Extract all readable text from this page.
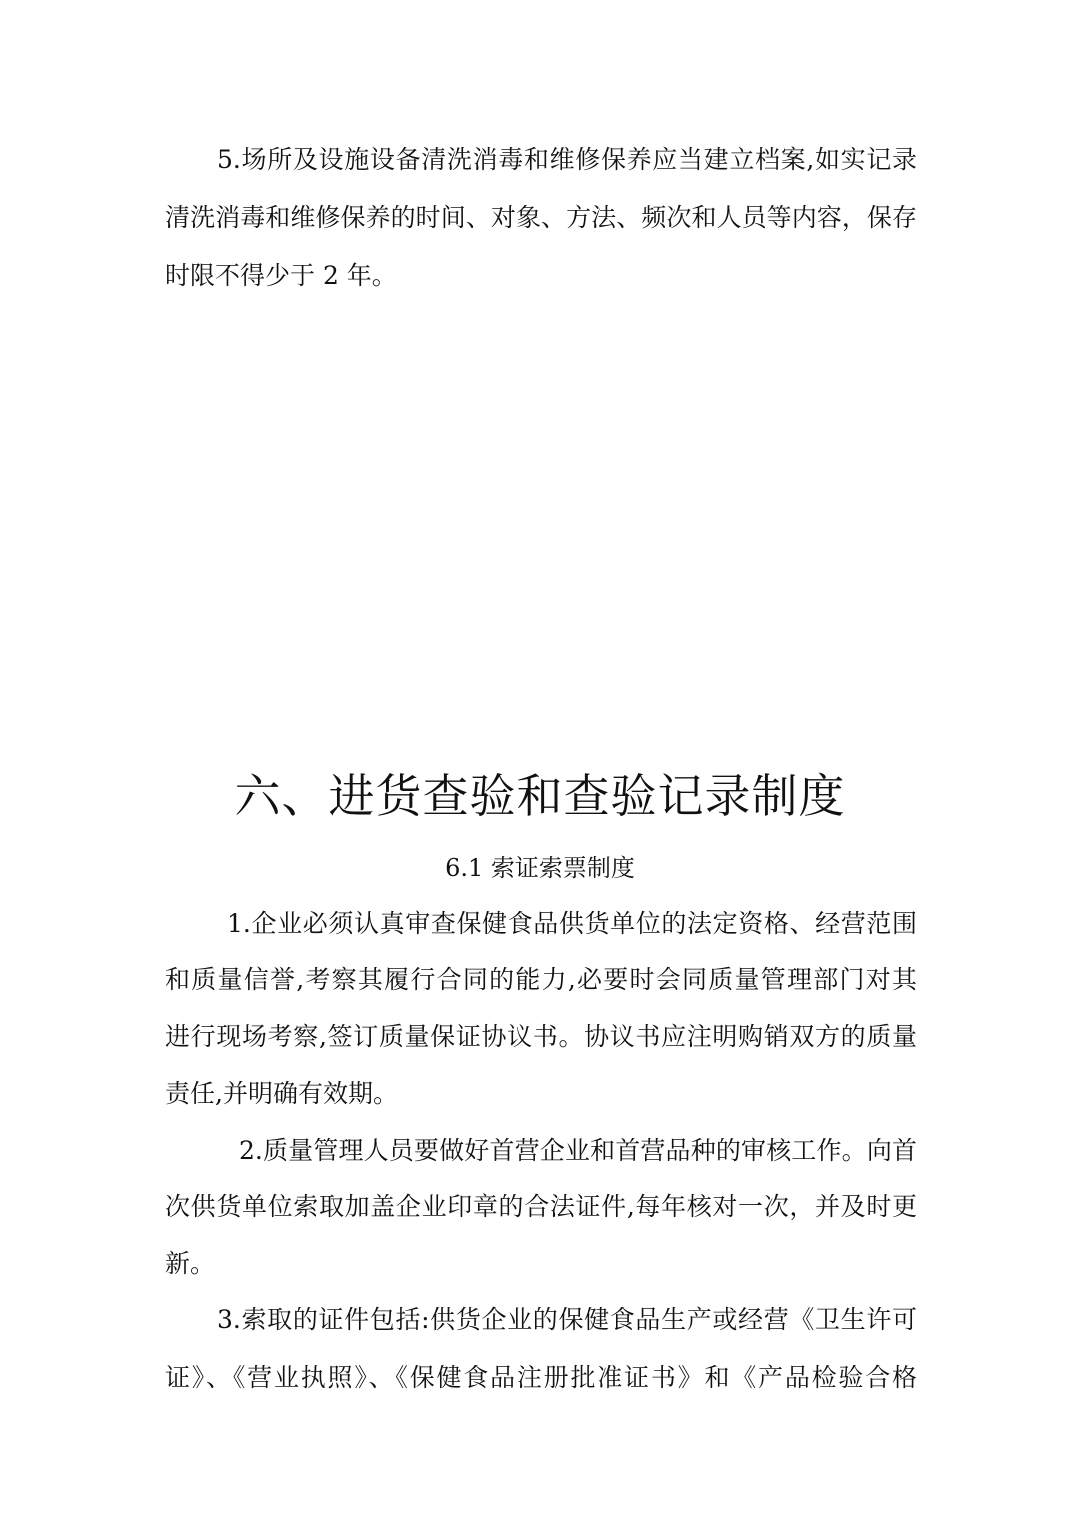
5.场所及设施设备清洗消毒和维修保养应当建立档案,如实记录
清洗消毒和维修保养的时间、对象、方法、频次和人员等内容，保存
时限不得少于 2 年。
六、进货查验和查验记录制度
6.1 索证索票制度
1.企业必须认真审查保健食品供货单位的法定资格、经营范围
和质量信誉,考察其履行合同的能力,必要时会同质量管理部门对其
进行现场考察,签订质量保证协议书。协议书应注明购销双方的质量
责任,并明确有效期。
2.质量管理人员要做好首营企业和首营品种的审核工作。向首
次供货单位索取加盖企业印章的合法证件,每年核对一次，并及时更
新。
3.索取的证件包括:供货企业的保健食品生产或经营《卫生许可
证》、《营业执照》、《保健食品注册批准证书》和《产品检验合格
